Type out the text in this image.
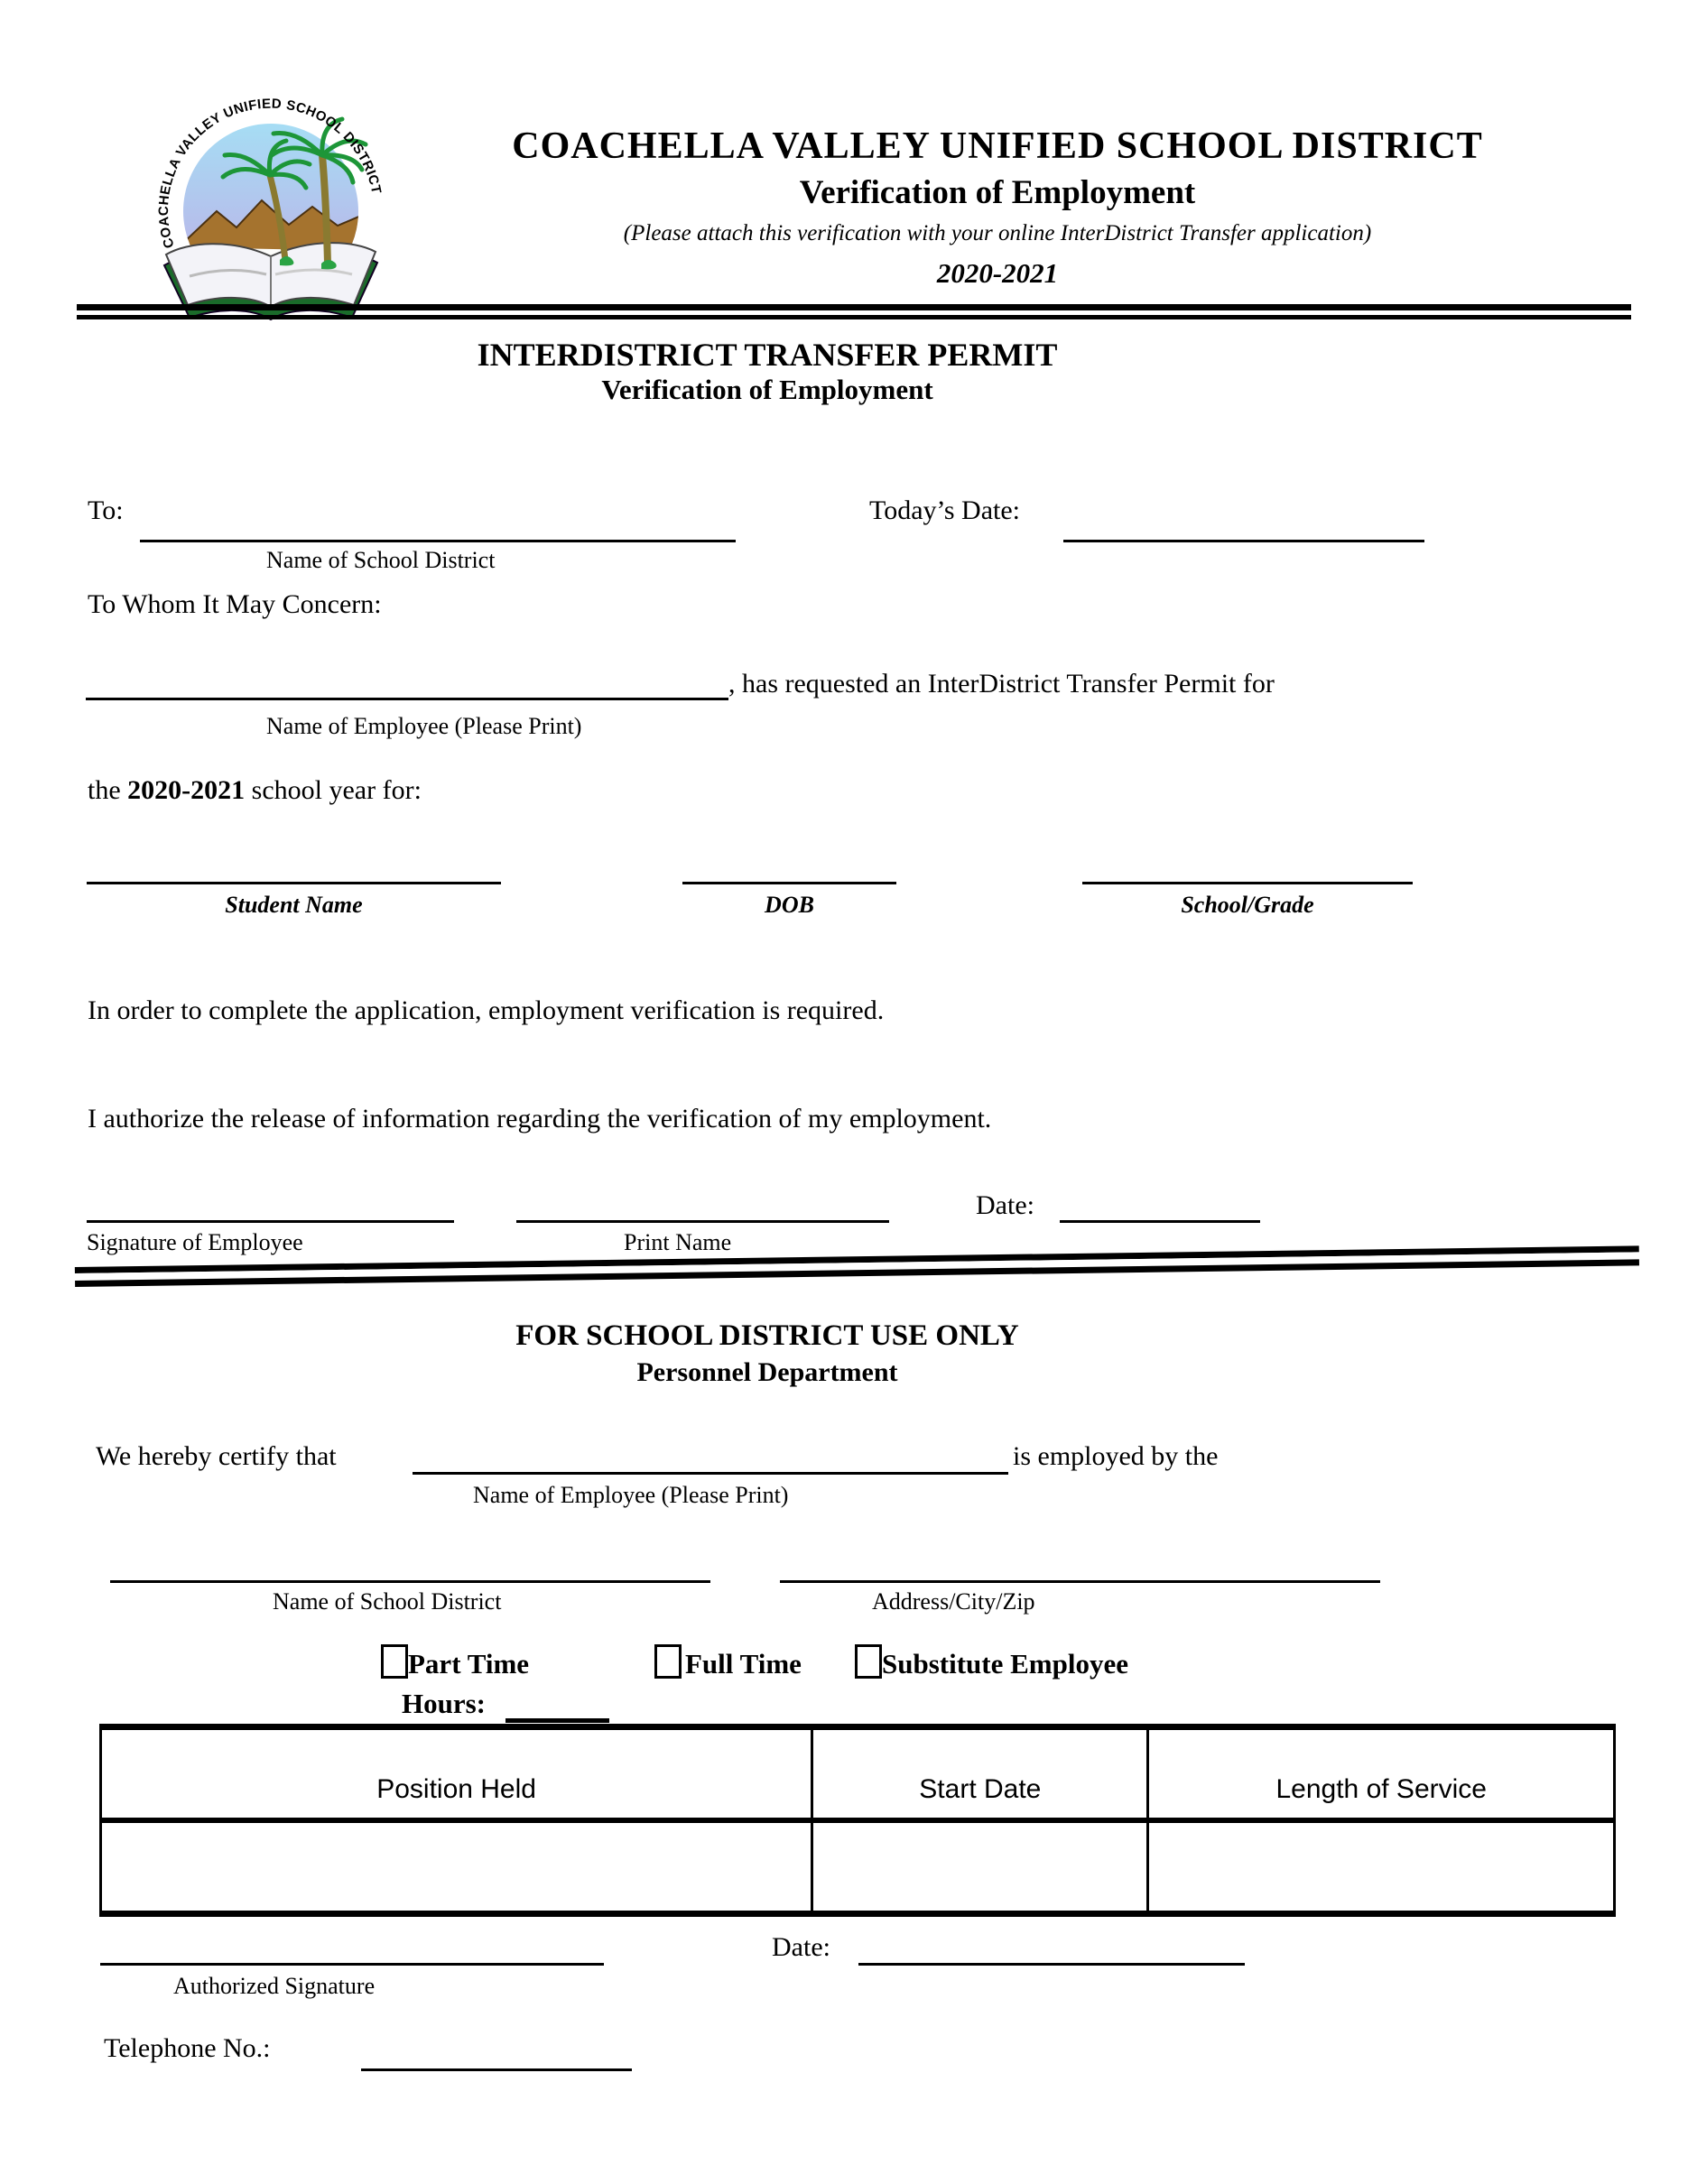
COACHELLA VALLEY UNIFIED SCHOOL DISTRICT
COACHELLA VALLEY UNIFIED SCHOOL DISTRICT
Verification of Employment
(Please attach this verification with your online InterDistrict Transfer application)
2020-2021
INTERDISTRICT TRANSFER PERMIT
Verification of Employment
To:	Today’s Date:
Name of School District
To Whom It May Concern:
, has requested an InterDistrict Transfer Permit for
Name of Employee (Please Print)
the 2020-2021 school year for:
Student Name	DOB	School/Grade
In order to complete the application, employment verification is required.
I authorize the release of information regarding the verification of my employment.
Date:
Signature of Employee	Print Name
FOR SCHOOL DISTRICT USE ONLY
Personnel Department
We hereby certify that	is employed by the
Name of Employee (Please Print)
Name of School District	Address/City/Zip
Part Time	Full Time	Substitute Employee
Hours:
Position Held	Start Date	Length of Service

Authorized Signature
Date:
Telephone No.:
